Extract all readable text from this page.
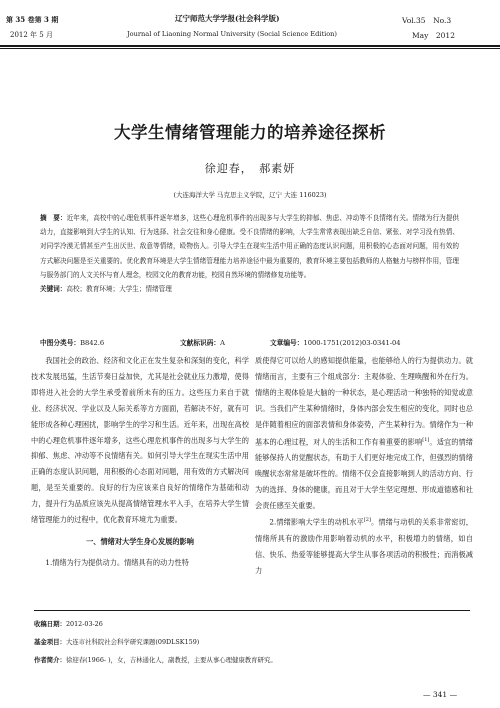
第 35 卷第 3 期
2012 年 5 月
辽宁师范大学学报(社会科学版)
Journal of Liaoning Normal University (Social Science Edition)
Vol.35　No.3
May　2012
大学生情绪管理能力的培养途径探析
徐迎春，　郝素妍
(大连海洋大学 马克思主义学院，辽宁 大连 116023)
摘　要：近年来，高校中的心理危机事件逐年增多，这些心理危机事件的出现多与大学生的抑郁、焦虑、冲动等不良情绪有关。情绪为行为提供动力，直接影响到大学生的认知、行为选择、社会交往和身心健康。受不良情绪的影响，大学生常常表现出缺乏自信、紧张、对学习没有热情、对同学冷漠无情甚至产生出厌世、敌意等情绪，殴物伤人。引导大学生在现实生活中用正确的态度认识问题，用积极的心态面对问题，用有效的方式解决问题是至关重要的。优化教育环境是大学生情绪管理能力培养途径中最为重要的，教育环境主要包括教师的人格魅力与榜样作用，管理与服务部门的人文关怀与育人理念，校园文化的教育功能，校园自然环境的情绪修复功能等。
关键词：高校；教育环境；大学生；情绪管理
中图分类号：B842.6	文献标识码：A	文章编号：1000-1751(2012)03-0341-04

我国社会的政治、经济和文化正在发生复杂和深刻的变化，科学技术发展迅猛，生活节奏日益加快，尤其是社会就业压力激增，使得即将进入社会的大学生承受着前所未有的压力。这些压力来自于就业、经济状况、学业以及人际关系等方方面面，若解决不好，就有可能形成各种心理困扰，影响学生的学习和生活。近年来，出现在高校中的心理危机事件逐年增多，这些心理危机事件的出现多与大学生的抑郁、焦虑、冲动等不良情绪有关。如何引导大学生在现实生活中用正确的态度认识问题，用积极的心态面对问题，用有效的方式解决问题，是至关重要的。良好的行为应该来自良好的情绪作为基础和动力，提升行为品质应该先从提高情绪管理水平入手，在培养大学生情绪管理能力的过程中，优化教育环境尤为重要。

一、情绪对大学生身心发展的影响

1.情绪为行为提供动力。情绪具有的动力性特

质使得它可以给人的感知提供能量，也能够给人的行为提供动力。就情绪而言，主要有三个组成部分：主观体验、生理唤醒和外在行为。情绪的主观体验是大脑的一种状态，是心理活动一种独特的知觉或意识。当我们产生某种情绪时，身体内部会发生相应的变化，同时也总是伴随着相应的面部表情和身体姿势，产生某种行为。情绪作为一种基本的心理过程，对人的生活和工作有着重要的影响[1]。适宜的情绪能够保持人的觉醒状态，有助于人们更好地完成工作，但强烈的情绪唤醒状态常常是破坏性的。情绪不仅会直接影响到人的活动方向、行为的选择、身体的健康，而且对于大学生坚定理想、形成道德感和社会责任感至关重要。

2.情绪影响大学生的动机水平[2]。情绪与动机的关系非常密切，情绪所具有的激励作用影响着动机的水平，积极増力的情绪，如自信、快乐、热爱等能够提高大学生从事各项活动的积极性；而消极减力

收稿日期：2012-03-26
基金项目：大连市社科院社会科学研究课题(09DLSK159)
作者简介：徐迎春(1966- )，女，吉林通化人，副教授，主要从事心理健康教育研究。
— 341 —
